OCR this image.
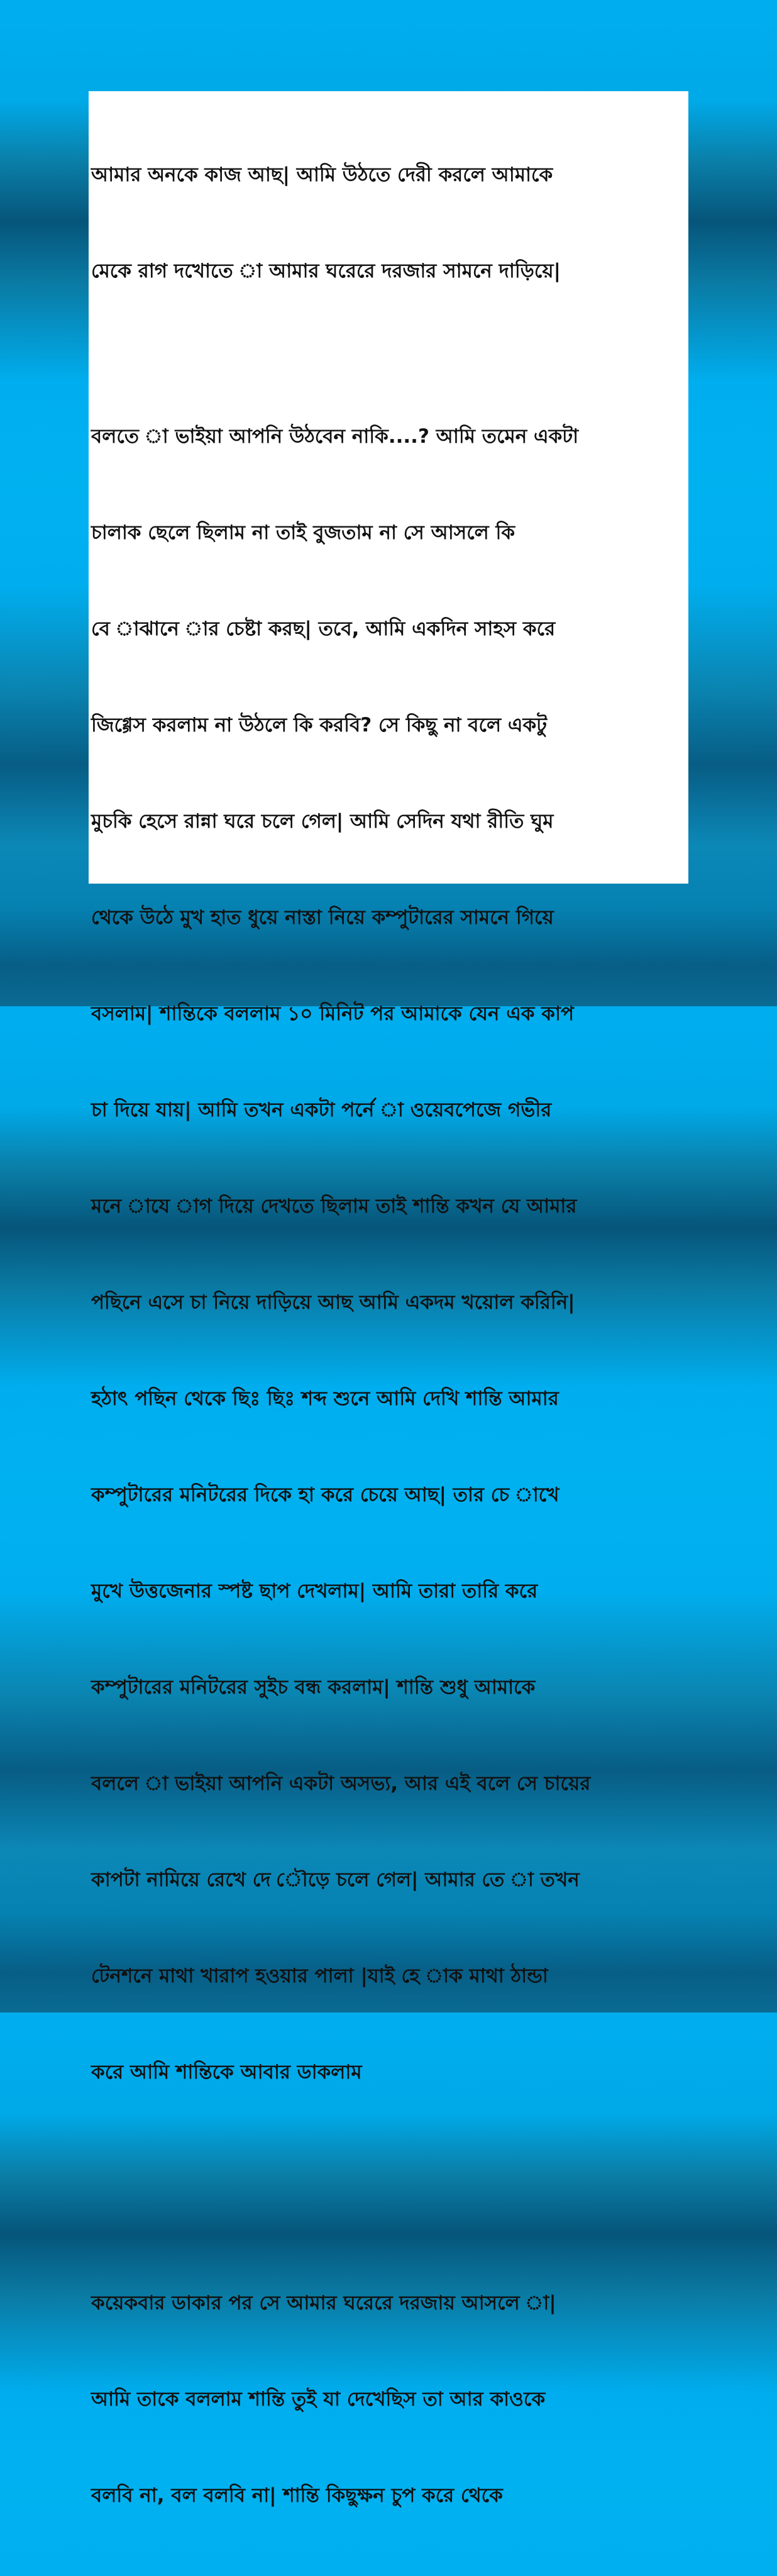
আমার অনকে কাজ আছ| আমি উঠতে দেরী করলে আমাকে

মেকে রাগ দখোতে া আমার ঘরেরে দরজার সামনে দাড়িয়ে|

বলতে া ভাইয়া আপনি উঠবেন নাকি....? আমি তমেন একটা

চালাক ছেলে ছিলাম না তাই বুজতাম না সে আসলে কি

বে াঝানে ার চেষ্টা করছ| তবে, আমি একদিন সাহস করে

জিগ্গেস করলাম না উঠলে কি করবি? সে কিছু না বলে একটু

মুচকি হেসে রান্না ঘরে চলে গেল| আমি সেদিন যথা রীতি ঘুম

থেকে উঠে মুখ হাত ধুয়ে নাস্তা নিয়ে কম্পুটারের সামনে গিয়ে

বসলাম| শান্তিকে বললাম ১০ মিনিট পর আমাকে যেন এক কাপ

চা দিয়ে যায়| আমি তখন একটা পর্নে া ওয়েবপেজে গভীর

মনে াযে াগ দিয়ে দেখতে ছিলাম তাই শান্তি কখন যে আমার

পছিনে এসে চা নিয়ে দাড়িয়ে আছ আমি একদম খয়োল করিনি|

হঠাৎ পছিন থেকে ছিঃ ছিঃ শব্দ শুনে আমি দেখি শান্তি আমার

কম্পুটারের মনিটরের দিকে হা করে চেয়ে আছ| তার চে াখে

মুখে উত্তজেনার স্পষ্ট ছাপ দেখলাম| আমি তারা তারি করে

কম্পুটারের মনিটরের সুইচ বন্ধ করলাম| শান্তি শুধু আমাকে

বললে া ভাইয়া আপনি একটা অসভ্য, আর এই বলে সে চায়ের

কাপটা নামিয়ে রেখে দে ৌড়ে চলে গেল| আমার তে া তখন

টেনশনে মাথা খারাপ হওয়ার পালা |যাই হে াক মাথা ঠান্ডা

করে আমি শান্তিকে আবার ডাকলাম

কয়েকবার ডাকার পর সে আমার ঘরেরে দরজায় আসলে া|

আমি তাকে বললাম শান্তি তুই যা দেখেছিস তা আর কাওকে

বলবি না, বল বলবি না| শান্তি কিছুক্ষন চুপ করে থেকে
